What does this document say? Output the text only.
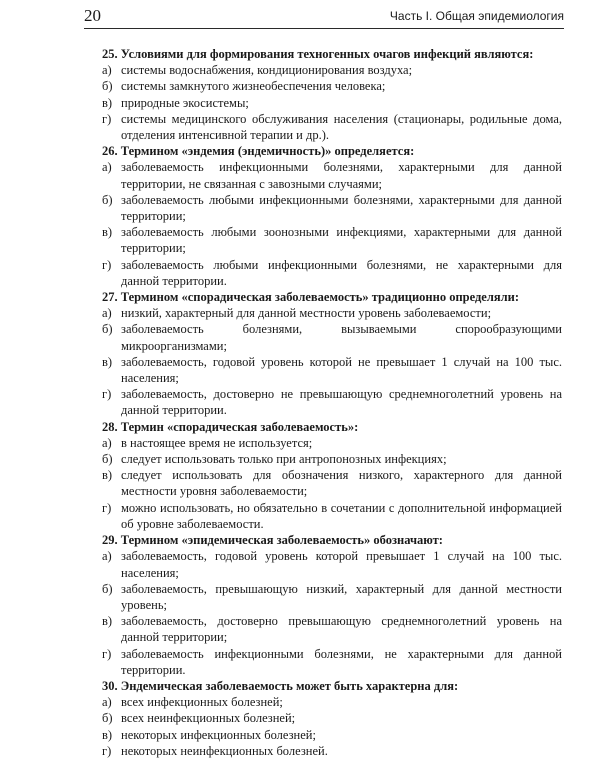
20	Часть I. Общая эпидемиология

25. Условиями для формирования техногенных очагов инфекций являются:

а) системы водоснабжения, кондиционирования воздуха;

б) системы замкнутого жизнеобеспечения человека;

в) природные экосистемы;

г) системы медицинского обслуживания населения (стационары, родильные дома, отделения интенсивной терапии и др.).

26. Термином «эндемия (эндемичность)» определяется:

а) заболеваемость инфекционными болезнями, характерными для данной территории, не связанная с завозными случаями;

б) заболеваемость любыми инфекционными болезнями, характерными для данной территории;

в) заболеваемость любыми зоонозными инфекциями, характерными для данной территории;

г) заболеваемость любыми инфекционными болезнями, не характерными для данной территории.

27. Термином «спорадическая заболеваемость» традиционно определяли:

а) низкий, характерный для данной местности уровень заболеваемости;

б) заболеваемость болезнями, вызываемыми спорообразующими микроорганизмами;

в) заболеваемость, годовой уровень которой не превышает 1 случай на 100 тыс. населения;

г) заболеваемость, достоверно не превышающую среднемноголетний уровень на данной территории.

28. Термин «спорадическая заболеваемость»:

а) в настоящее время не используется;

б) следует использовать только при антропонозных инфекциях;

в) следует использовать для обозначения низкого, характерного для данной местности уровня заболеваемости;

г) можно использовать, но обязательно в сочетании с дополнительной информацией об уровне заболеваемости.

29. Термином «эпидемическая заболеваемость» обозначают:

а) заболеваемость, годовой уровень которой превышает 1 случай на 100 тыс. населения;

б) заболеваемость, превышающую низкий, характерный для данной местности уровень;

в) заболеваемость, достоверно превышающую среднемноголетний уровень на данной территории;

г) заболеваемость инфекционными болезнями, не характерными для данной территории.

30. Эндемическая заболеваемость может быть характерна для:

а) всех инфекционных болезней;

б) всех неинфекционных болезней;

в) некоторых инфекционных болезней;

г) некоторых неинфекционных болезней.
